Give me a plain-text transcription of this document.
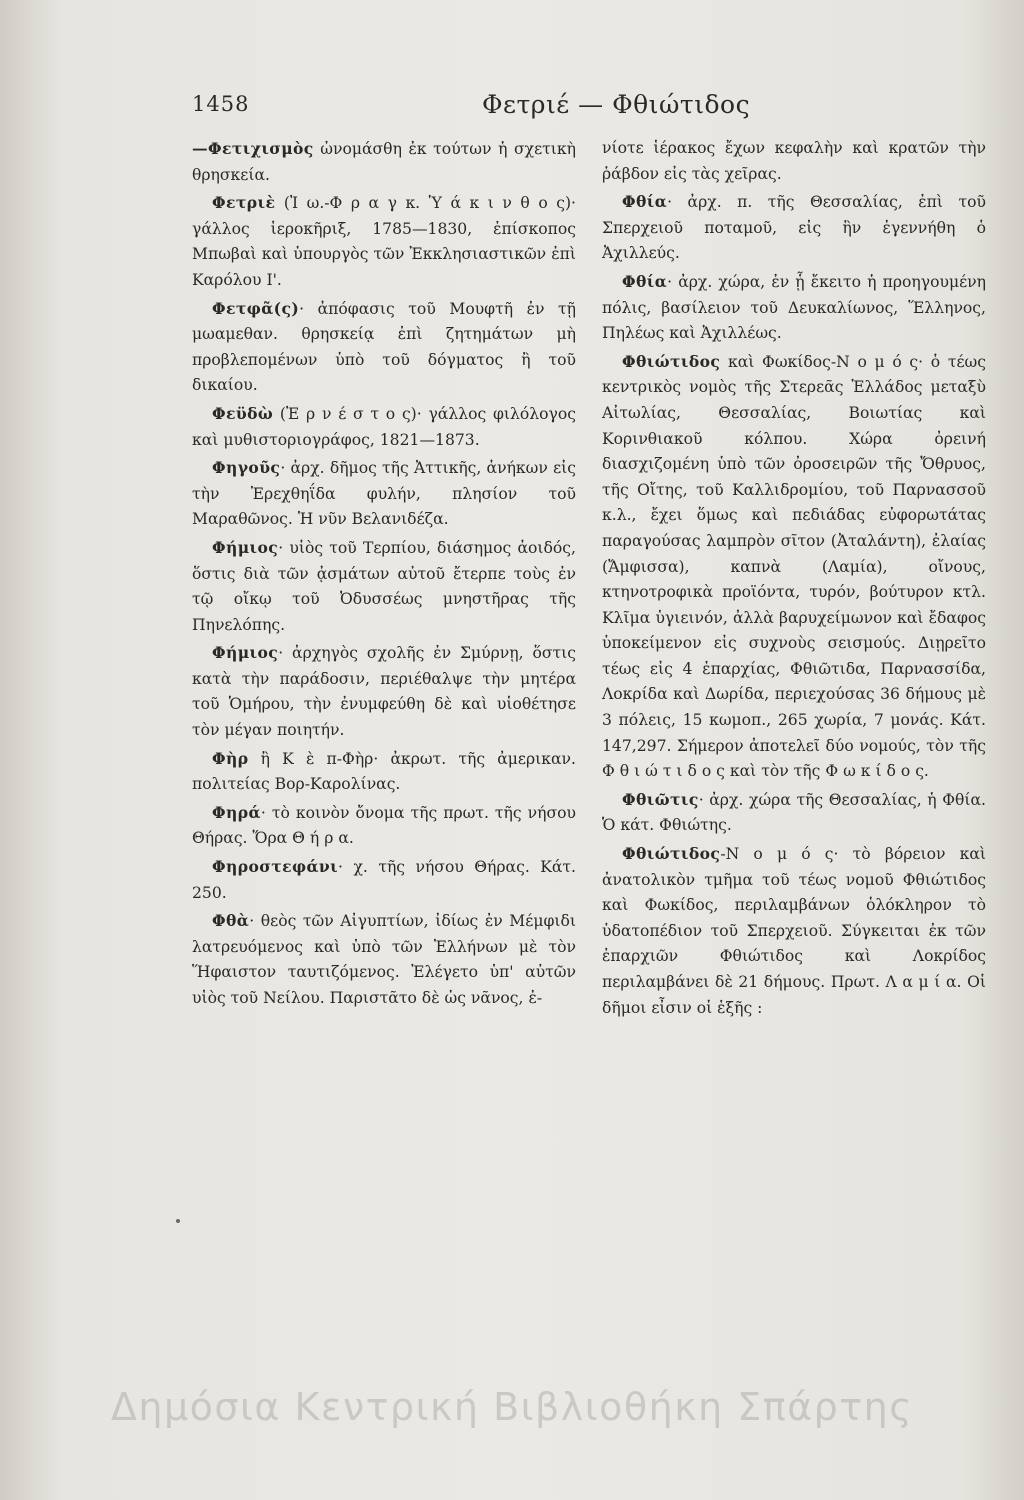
1458	Φετριέ — Φθιώτιδος

—Φετιχισμὸς ὠνομάσθη ἐκ τούτων ἡ σχετικὴ θρησκεία.

Φετριὲ (Ἰ ω.-Φ ρ α γ κ. Ὑ ά κ ι ν θ ο ς)· γάλλος ἱεροκῆριξ, 1785—1830, ἐπίσκοπος Μπωβαὶ καὶ ὑπουργὸς τῶν Ἐκκλησιαστικῶν ἐπὶ Καρόλου Ι'.

Φετφᾶ(ς)· ἀπόφασις τοῦ Μουφτῆ ἐν τῇ μωαμεθαν. θρησκείᾳ ἐπὶ ζητημάτων μὴ προβλεπομένων ὑπὸ τοῦ δόγματος ἢ τοῦ δικαίου.

Φεϋδὼ (Ἐ ρ ν έ σ τ ο ς)· γάλλος φιλόλογος καὶ μυθιστοριογράφος, 1821—1873.

Φηγοῦς· ἀρχ. δῆμος τῆς Ἀττικῆς, ἀνήκων εἰς τὴν Ἐρεχθηΐδα φυλήν, πλησίον τοῦ Μαραθῶνος. Ἡ νῦν Βελανιδέζα.

Φήμιος· υἱὸς τοῦ Τερπίου, διάσημος ἀοιδός, ὅστις διὰ τῶν ᾀσμάτων αὐτοῦ ἔτερπε τοὺς ἐν τῷ οἴκῳ τοῦ Ὀδυσσέως μνηστῆρας τῆς Πηνελόπης.

Φήμιος· ἀρχηγὸς σχολῆς ἐν Σμύρνῃ, ὅστις κατὰ τὴν παράδοσιν, περιέθαλψε τὴν μητέρα τοῦ Ὁμήρου, τὴν ἐνυμφεύθη δὲ καὶ υἱοθέτησε τὸν μέγαν ποιητήν.

Φὴρ ἢ Κ ὲ π-Φὴρ· ἀκρωτ. τῆς ἀμερικαν. πολιτείας Βορ-Καρολίνας.

Φηρά· τὸ κοινὸν ὄνομα τῆς πρωτ. τῆς νήσου Θήρας. Ὅρα Θ ή ρ α.

Φηροστεφάνι· χ. τῆς νήσου Θήρας. Κάτ. 250.

Φθὰ· θεὸς τῶν Αἰγυπτίων, ἰδίως ἐν Μέμφιδι λατρευόμενος καὶ ὑπὸ τῶν Ἑλλήνων μὲ τὸν Ἥφαιστον ταυτιζόμενος. Ἐλέγετο ὑπ' αὐτῶν υἱὸς τοῦ Νείλου. Παριστᾶτο δὲ ὡς νᾶνος, ἐ-

νίοτε ἱέρακος ἔχων κεφαλὴν καὶ κρατῶν τὴν ῥάβδον εἰς τὰς χεῖρας.

Φθία· ἀρχ. π. τῆς Θεσσαλίας, ἐπὶ τοῦ Σπερχειοῦ ποταμοῦ, εἰς ἣν ἐγεννήθη ὁ Ἀχιλλεύς.

Φθία· ἀρχ. χώρα, ἐν ᾗ ἔκειτο ἡ προηγουμένη πόλις, βασίλειον τοῦ Δευκαλίωνος, Ἕλληνος, Πηλέως καὶ Ἀχιλλέως.

Φθιώτιδος καὶ Φωκίδος-Ν ο μ ό ς· ὁ τέως κεντρικὸς νομὸς τῆς Στερεᾶς Ἑλλάδος μεταξὺ Αἰτωλίας, Θεσσαλίας, Βοιωτίας καὶ Κορινθιακοῦ κόλπου. Χώρα ὀρεινή διασχιζομένη ὑπὸ τῶν ὀροσειρῶν τῆς Ὄθρυος, τῆς Οἴτης, τοῦ Καλλιδρομίου, τοῦ Παρνασσοῦ κ.λ., ἔχει ὅμως καὶ πεδιάδας εὐφορωτάτας παραγούσας λαμπρὸν σῖτον (Ἀταλάντη), ἐλαίας (Ἄμφισσα), καπνὰ (Λαμία), οἴνους, κτηνοτροφικὰ προϊόντα, τυρόν, βούτυρον κτλ. Κλῖμα ὑγιεινόν, ἀλλὰ βαρυχείμωνον καὶ ἔδαφος ὑποκείμενον εἰς συχνοὺς σεισμούς. Διῃρεῖτο τέως εἰς 4 ἐπαρχίας, Φθιῶτιδα, Παρνασσίδα, Λοκρίδα καὶ Δωρίδα, περιεχούσας 36 δήμους μὲ 3 πόλεις, 15 κωμοπ., 265 χωρία, 7 μονάς. Κάτ. 147,297. Σήμερον ἀποτελεῖ δύο νομούς, τὸν τῆς Φ θ ι ώ τ ι δ ο ς καὶ τὸν τῆς Φ ω κ ί δ ο ς.

Φθιῶτις· ἀρχ. χώρα τῆς Θεσσαλίας, ἡ Φθία. Ὁ κάτ. Φθιώτης.

Φθιώτιδος-Ν ο μ ό ς· τὸ βόρειον καὶ ἀνατολικὸν τμῆμα τοῦ τέως νομοῦ Φθιώτιδος καὶ Φωκίδος, περιλαμβάνων ὁλόκληρον τὸ ὑδατοπέδιον τοῦ Σπερχειοῦ. Σύγκειται ἐκ τῶν ἐπαρχιῶν Φθιώτιδος καὶ Λοκρίδος περιλαμβάνει δὲ 21 δήμους. Πρωτ. Λ α μ ί α. Οἱ δῆμοι εἶσιν οἱ ἑξῆς :

Δημόσια Κεντρική Βιβλιοθήκη Σπάρτης
